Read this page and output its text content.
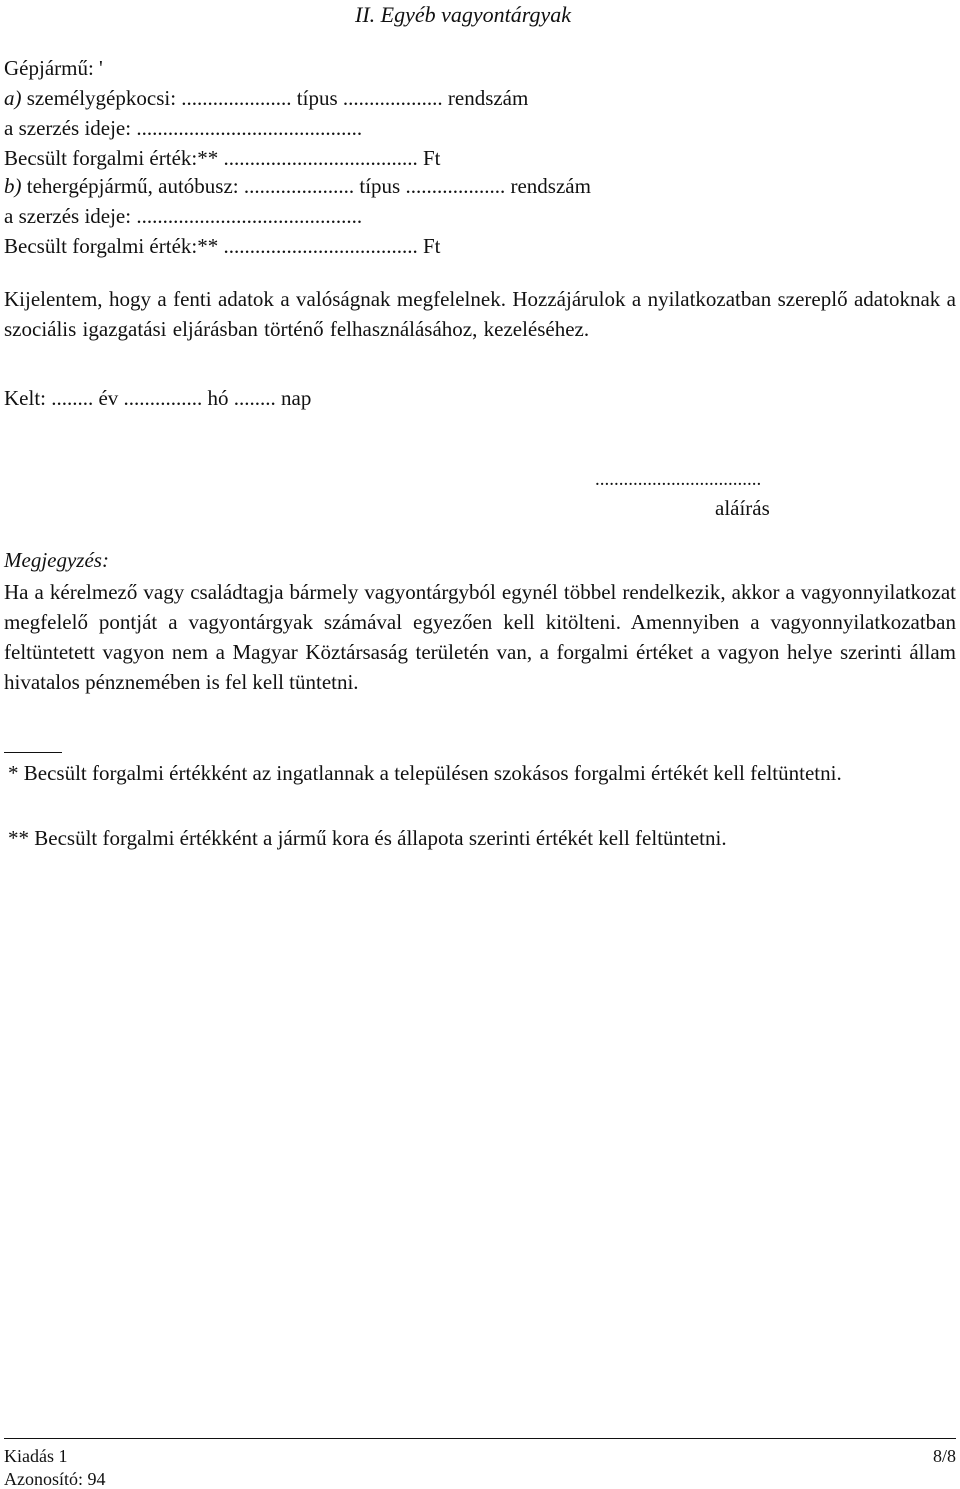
II. Egyéb vagyontárgyak
Gépjármű: '
a) személygépkocsi: ..................... típus ................... rendszám
a szerzés ideje: ...........................................
Becsült forgalmi érték:** ..................................... Ft
b) tehergépjármű, autóbusz: ..................... típus ................... rendszám
a szerzés ideje: ...........................................
Becsült forgalmi érték:** ..................................... Ft
Kijelentem, hogy a fenti adatok a valóságnak megfelelnek. Hozzájárulok a nyilatkozatban szereplő adatoknak a szociális igazgatási eljárásban történő felhasználásához, kezeléséhez.
Kelt: ........ év ............... hó ........ nap
...................................
aláírás
Megjegyzés:
Ha a kérelmező vagy családtagja bármely vagyontárgyból egynél többel rendelkezik, akkor a vagyonnyilatkozat megfelelő pontját a vagyontárgyak számával egyezően kell kitölteni. Amennyiben a vagyonnyilatkozatban feltüntetett vagyon nem a Magyar Köztársaság területén van, a forgalmi értéket a vagyon helye szerinti állam hivatalos pénznemében is fel kell tüntetni.
* Becsült forgalmi értékként az ingatlannak a településen szokásos forgalmi értékét kell feltüntetni.
** Becsült forgalmi értékként a jármű kora és állapota szerinti értékét kell feltüntetni.
Kiadás 1	8/8
Azonosító: 94
